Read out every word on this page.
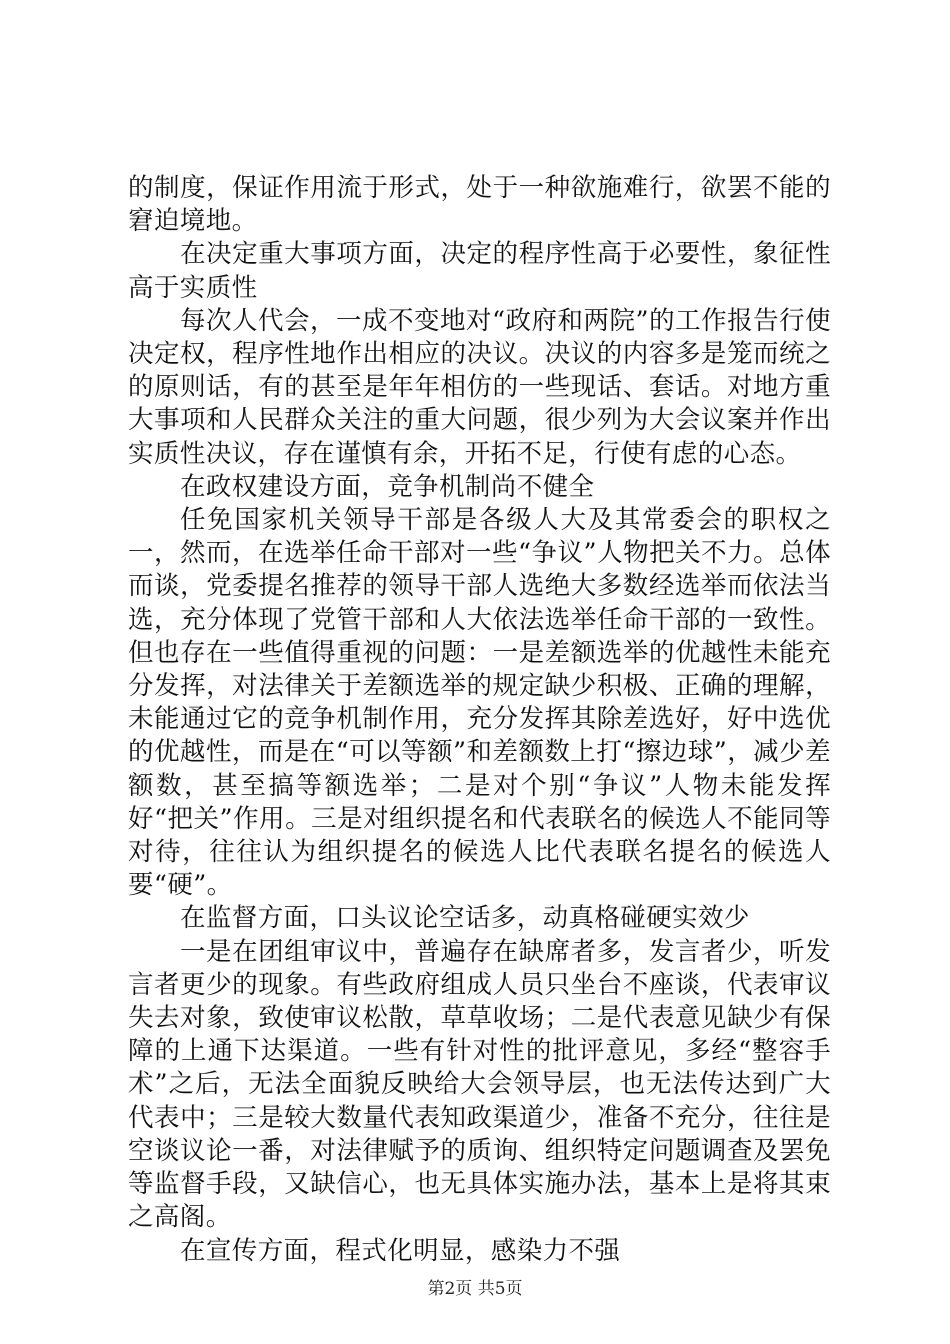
的制度，保证作用流于形式，处于一种欲施难行，欲罢不能的窘迫境地。

在决定重大事项方面，决定的程序性高于必要性，象征性高于实质性

每次人代会，一成不变地对“政府和两院”的工作报告行使决定权，程序性地作出相应的决议。决议的内容多是笼而统之的原则话，有的甚至是年年相仿的一些现话、套话。对地方重大事项和人民群众关注的重大问题，很少列为大会议案并作出实质性决议，存在谨慎有余，开拓不足，行使有虑的心态。

在政权建设方面，竞争机制尚不健全

任免国家机关领导干部是各级人大及其常委会的职权之一，然而，在选举任命干部对一些“争议”人物把关不力。总体而谈，党委提名推荐的领导干部人选绝大多数经选举而依法当选，充分体现了党管干部和人大依法选举任命干部的一致性。但也存在一些值得重视的问题：一是差额选举的优越性未能充分发挥，对法律关于差额选举的规定缺少积极、正确的理解，未能通过它的竞争机制作用，充分发挥其除差选好，好中选优的优越性，而是在“可以等额”和差额数上打“擦边球”，减少差额数，甚至搞等额选举；二是对个别“争议”人物未能发挥好“把关”作用。三是对组织提名和代表联名的候选人不能同等对待，往往认为组织提名的候选人比代表联名提名的候选人要“硬”。

在监督方面，口头议论空话多，动真格碰硬实效少

一是在团组审议中，普遍存在缺席者多，发言者少，听发言者更少的现象。有些政府组成人员只坐台不座谈，代表审议失去对象，致使审议松散，草草收场；二是代表意见缺少有保障的上通下达渠道。一些有针对性的批评意见，多经“整容手术”之后，无法全面貌反映给大会领导层，也无法传达到广大代表中；三是较大数量代表知政渠道少，准备不充分，往往是空谈议论一番，对法律赋予的质询、组织特定问题调查及罢免等监督手段，又缺信心，也无具体实施办法，基本上是将其束之高阁。

在宣传方面，程式化明显，感染力不强

第2页 共5页
